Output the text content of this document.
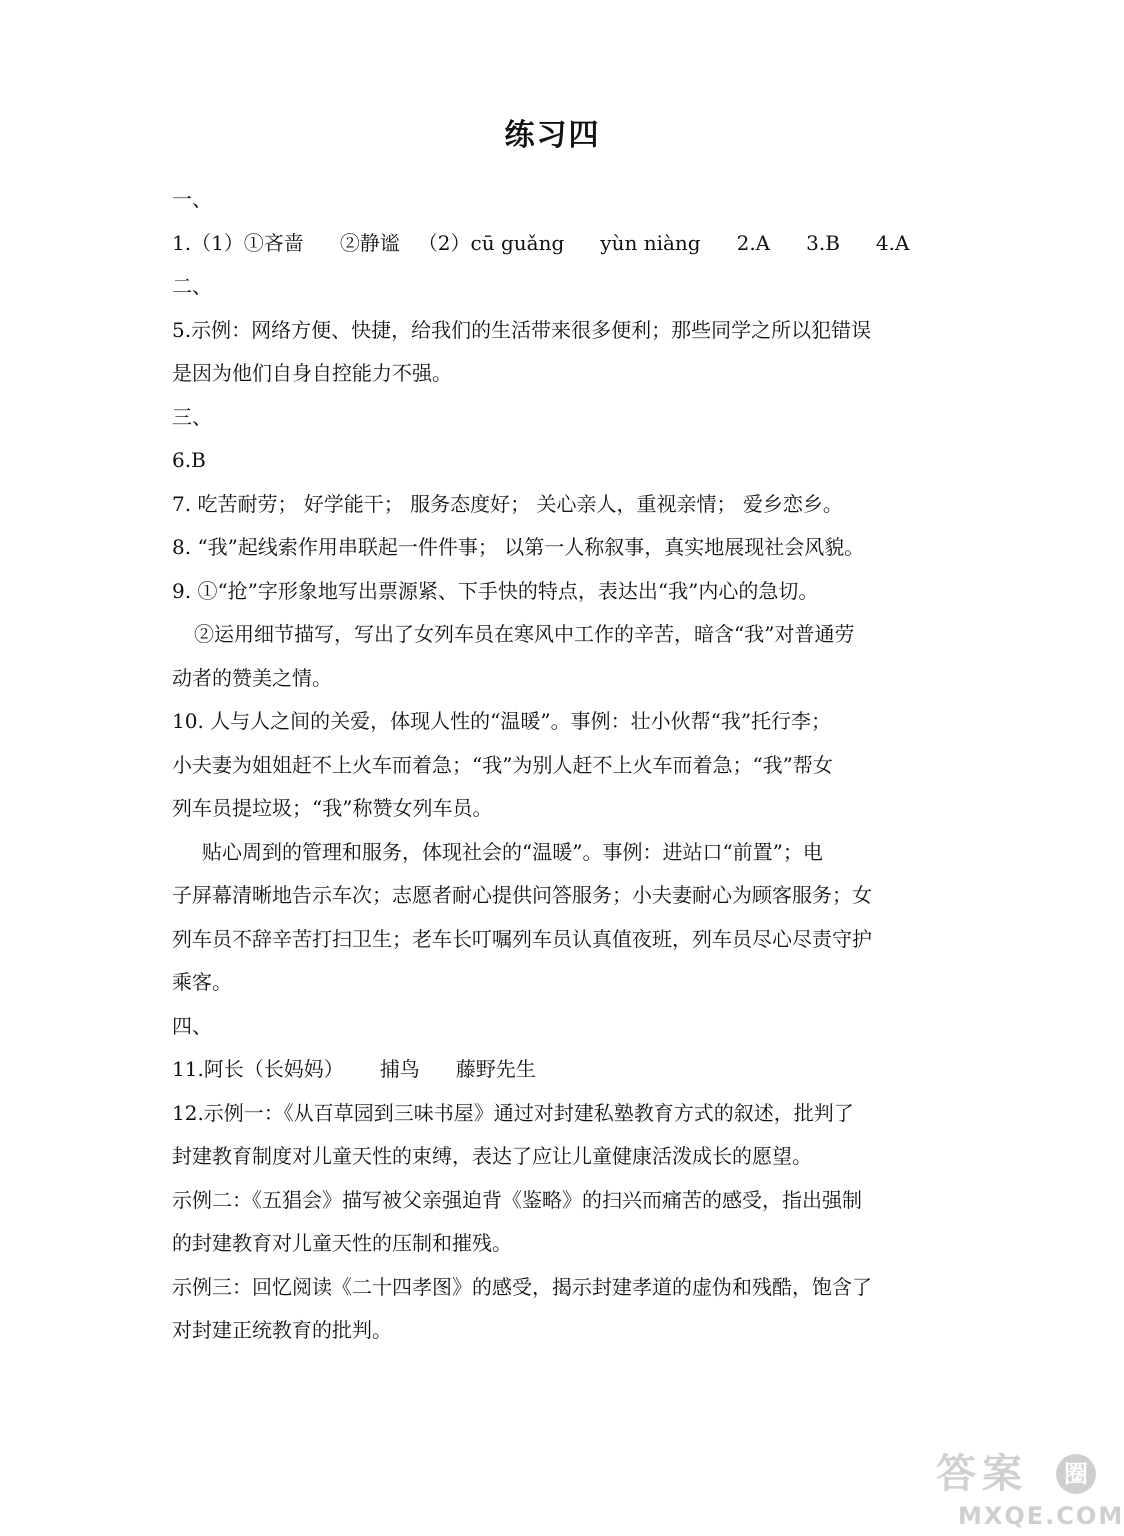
练习四
一、
1.（1）①吝啬 ②静谧 （2）cū guǎng yùn niàng 2.A 3.B 4.A
二、
5.示例：网络方便、快捷，给我们的生活带来很多便利；那些同学之所以犯错误
是因为他们自身自控能力不强。
三、
6.B
7. 吃苦耐劳； 好学能干； 服务态度好； 关心亲人，重视亲情； 爱乡恋乡。
8. “我”起线索作用串联起一件件事； 以第一人称叙事，真实地展现社会风貌。
9. ①“抢”字形象地写出票源紧、下手快的特点，表达出“我”内心的急切。
②运用细节描写，写出了女列车员在寒风中工作的辛苦，暗含“我”对普通劳
动者的赞美之情。
10. 人与人之间的关爱，体现人性的“温暖”。事例：壮小伙帮“我”托行李；
小夫妻为姐姐赶不上火车而着急；“我”为别人赶不上火车而着急；“我”帮女
列车员提垃圾；“我”称赞女列车员。
贴心周到的管理和服务，体现社会的“温暖”。事例：进站口“前置”；电
子屏幕清晰地告示车次；志愿者耐心提供问答服务；小夫妻耐心为顾客服务；女
列车员不辞辛苦打扫卫生；老车长叮嘱列车员认真值夜班，列车员尽心尽责守护
乘客。
四、
11.阿长（长妈妈） 捕鸟 藤野先生
12.示例一：《从百草园到三味书屋》通过对封建私塾教育方式的叙述，批判了
封建教育制度对儿童天性的束缚，表达了应让儿童健康活泼成长的愿望。
示例二：《五猖会》描写被父亲强迫背《鉴略》的扫兴而痛苦的感受，指出强制
的封建教育对儿童天性的压制和摧残。
示例三：回忆阅读《二十四孝图》的感受，揭示封建孝道的虚伪和残酷，饱含了
对封建正统教育的批判。
答案	圈
MXQE.COM
